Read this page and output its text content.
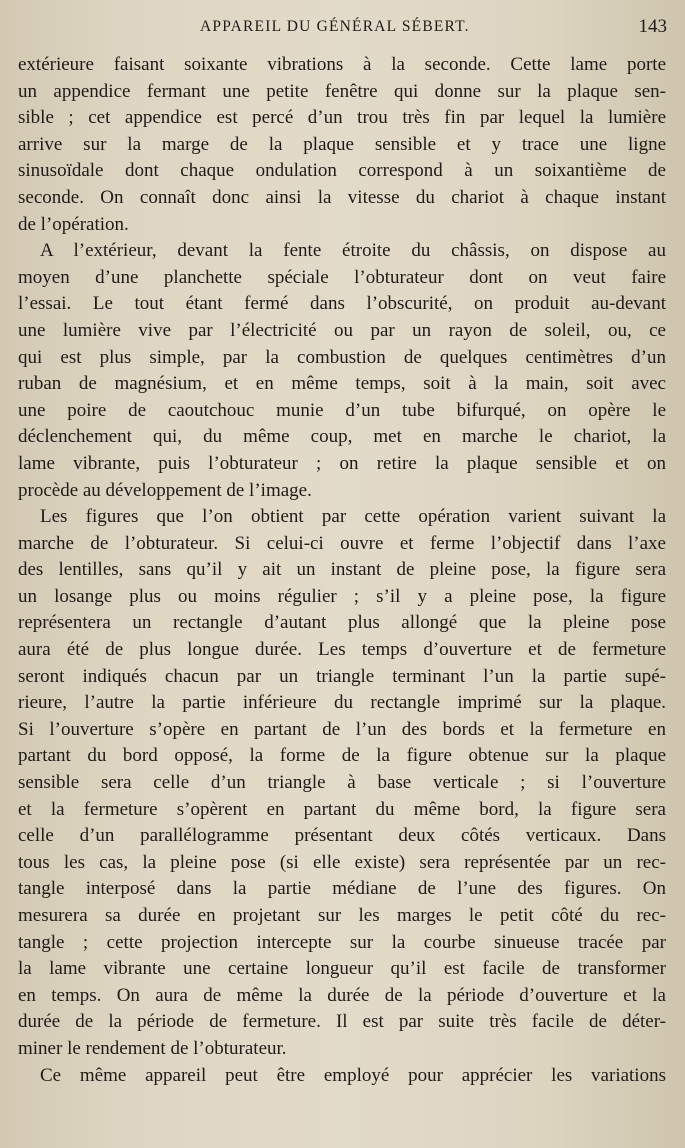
APPAREIL DU GÉNÉRAL SÉBERT.	143
extérieure faisant soixante vibrations à la seconde. Cette lame porte
un appendice fermant une petite fenêtre qui donne sur la plaque sen-
sible ; cet appendice est percé d’un trou très fin par lequel la lumière
arrive sur la marge de la plaque sensible et y trace une ligne
sinusoïdale dont chaque ondulation correspond à un soixantième de
seconde. On connaît donc ainsi la vitesse du chariot à chaque instant
de l’opération.
A l’extérieur, devant la fente étroite du châssis, on dispose au
moyen d’une planchette spéciale l’obturateur dont on veut faire
l’essai. Le tout étant fermé dans l’obscurité, on produit au-devant
une lumière vive par l’électricité ou par un rayon de soleil, ou, ce
qui est plus simple, par la combustion de quelques centimètres d’un
ruban de magnésium, et en même temps, soit à la main, soit avec
une poire de caoutchouc munie d’un tube bifurqué, on opère le
déclenchement qui, du même coup, met en marche le chariot, la
lame vibrante, puis l’obturateur ; on retire la plaque sensible et on
procède au développement de l’image.
Les figures que l’on obtient par cette opération varient suivant la
marche de l’obturateur. Si celui-ci ouvre et ferme l’objectif dans l’axe
des lentilles, sans qu’il y ait un instant de pleine pose, la figure sera
un losange plus ou moins régulier ; s’il y a pleine pose, la figure
représentera un rectangle d’autant plus allongé que la pleine pose
aura été de plus longue durée. Les temps d’ouverture et de fermeture
seront indiqués chacun par un triangle terminant l’un la partie supé-
rieure, l’autre la partie inférieure du rectangle imprimé sur la plaque.
Si l’ouverture s’opère en partant de l’un des bords et la fermeture en
partant du bord opposé, la forme de la figure obtenue sur la plaque
sensible sera celle d’un triangle à base verticale ; si l’ouverture
et la fermeture s’opèrent en partant du même bord, la figure sera
celle d’un parallélogramme présentant deux côtés verticaux. Dans
tous les cas, la pleine pose (si elle existe) sera représentée par un rec-
tangle interposé dans la partie médiane de l’une des figures. On
mesurera sa durée en projetant sur les marges le petit côté du rec-
tangle ; cette projection intercepte sur la courbe sinueuse tracée par
la lame vibrante une certaine longueur qu’il est facile de transformer
en temps. On aura de même la durée de la période d’ouverture et la
durée de la période de fermeture. Il est par suite très facile de déter-
miner le rendement de l’obturateur.
Ce même appareil peut être employé pour apprécier les variations
